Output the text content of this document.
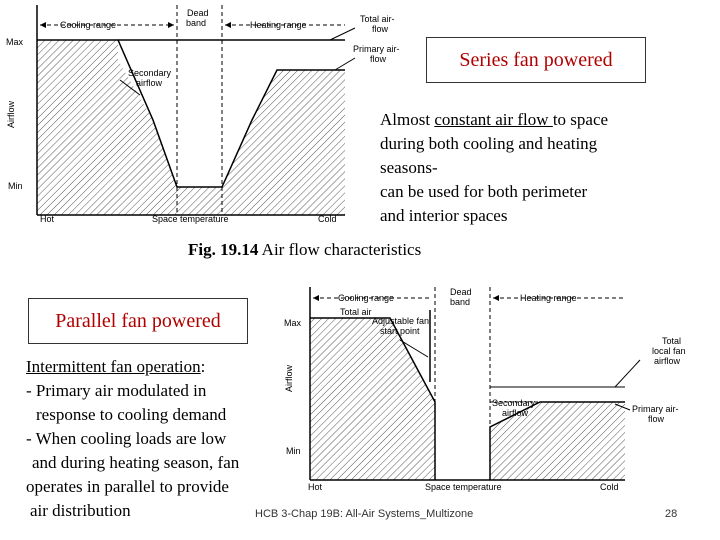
Cooling range
Dead
band	Heating range
Total air-
flow
Primary air-
flow
Secondary
airflow
Max
Min
Airflow
Hot	Space temperature	Cold
Series fan powered
Almost constant air flow to space
during both cooling and heating
seasons-
can be used for both perimeter
and interior spaces
Fig. 19.14 Air flow characteristics
Parallel fan powered
Intermittent fan operation:
- Primary air modulated in
response to cooling demand
- When cooling loads are low
and during heating season, fan
operates in parallel to provide
air distribution
Cooling range
Dead
band	Heating range
Total air
Adjustable fan
start point
Total
local fan
airflow
Secondary
airflow	Primary air-
flow
Max
Min
Airflow
Hot	Space temperature	Cold
HCB 3-Chap 19B: All-Air Systems_Multizone	28
